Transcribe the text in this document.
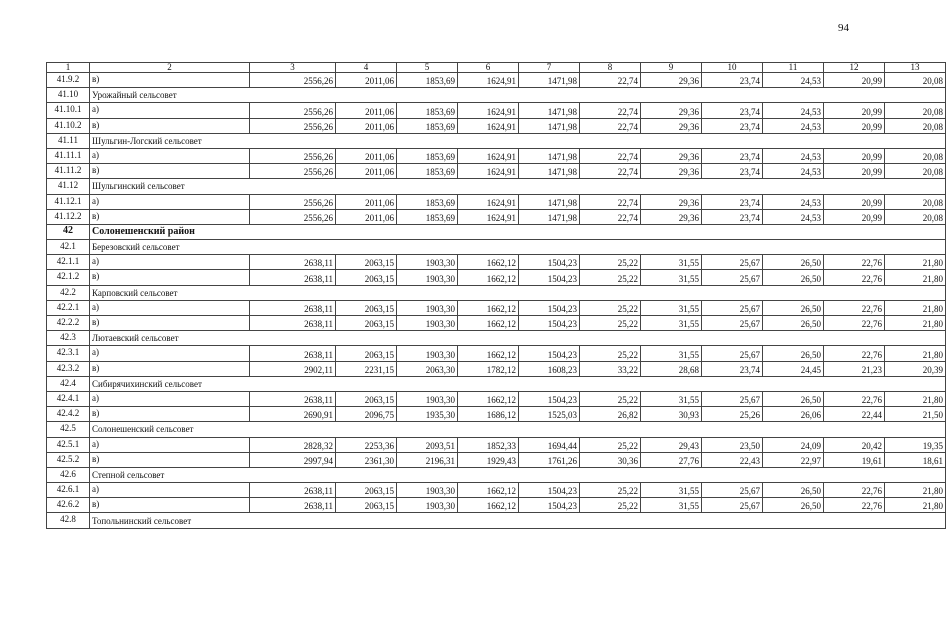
94
1	2	3	4	5	6	7	8	9	10	11	12	13
41.9.2	в)	2556,26	2011,06	1853,69	1624,91	1471,98	22,74	29,36	23,74	24,53	20,99	20,08
41.10	Урожайный сельсовет											
41.10.1	а)	2556,26	2011,06	1853,69	1624,91	1471,98	22,74	29,36	23,74	24,53	20,99	20,08
41.10.2	в)	2556,26	2011,06	1853,69	1624,91	1471,98	22,74	29,36	23,74	24,53	20,99	20,08
41.11	Шульгин-Логский сельсовет											
41.11.1	а)	2556,26	2011,06	1853,69	1624,91	1471,98	22,74	29,36	23,74	24,53	20,99	20,08
41.11.2	в)	2556,26	2011,06	1853,69	1624,91	1471,98	22,74	29,36	23,74	24,53	20,99	20,08
41.12	Шульгинский сельсовет											
41.12.1	а)	2556,26	2011,06	1853,69	1624,91	1471,98	22,74	29,36	23,74	24,53	20,99	20,08
41.12.2	в)	2556,26	2011,06	1853,69	1624,91	1471,98	22,74	29,36	23,74	24,53	20,99	20,08
42	Солонешенский район											
42.1	Березовский сельсовет											
42.1.1	а)	2638,11	2063,15	1903,30	1662,12	1504,23	25,22	31,55	25,67	26,50	22,76	21,80
42.1.2	в)	2638,11	2063,15	1903,30	1662,12	1504,23	25,22	31,55	25,67	26,50	22,76	21,80
42.2	Карповский сельсовет											
42.2.1	а)	2638,11	2063,15	1903,30	1662,12	1504,23	25,22	31,55	25,67	26,50	22,76	21,80
42.2.2	в)	2638,11	2063,15	1903,30	1662,12	1504,23	25,22	31,55	25,67	26,50	22,76	21,80
42.3	Лютаевский сельсовет											
42.3.1	а)	2638,11	2063,15	1903,30	1662,12	1504,23	25,22	31,55	25,67	26,50	22,76	21,80
42.3.2	в)	2902,11	2231,15	2063,30	1782,12	1608,23	33,22	28,68	23,74	24,45	21,23	20,39
42.4	Сибирячихинский сельсовет											
42.4.1	а)	2638,11	2063,15	1903,30	1662,12	1504,23	25,22	31,55	25,67	26,50	22,76	21,80
42.4.2	в)	2690,91	2096,75	1935,30	1686,12	1525,03	26,82	30,93	25,26	26,06	22,44	21,50
42.5	Солонешенский сельсовет											
42.5.1	а)	2828,32	2253,36	2093,51	1852,33	1694,44	25,22	29,43	23,50	24,09	20,42	19,35
42.5.2	в)	2997,94	2361,30	2196,31	1929,43	1761,26	30,36	27,76	22,43	22,97	19,61	18,61
42.6	Степной сельсовет											
42.6.1	а)	2638,11	2063,15	1903,30	1662,12	1504,23	25,22	31,55	25,67	26,50	22,76	21,80
42.6.2	в)	2638,11	2063,15	1903,30	1662,12	1504,23	25,22	31,55	25,67	26,50	22,76	21,80
42.8	Топольнинский сельсовет											
